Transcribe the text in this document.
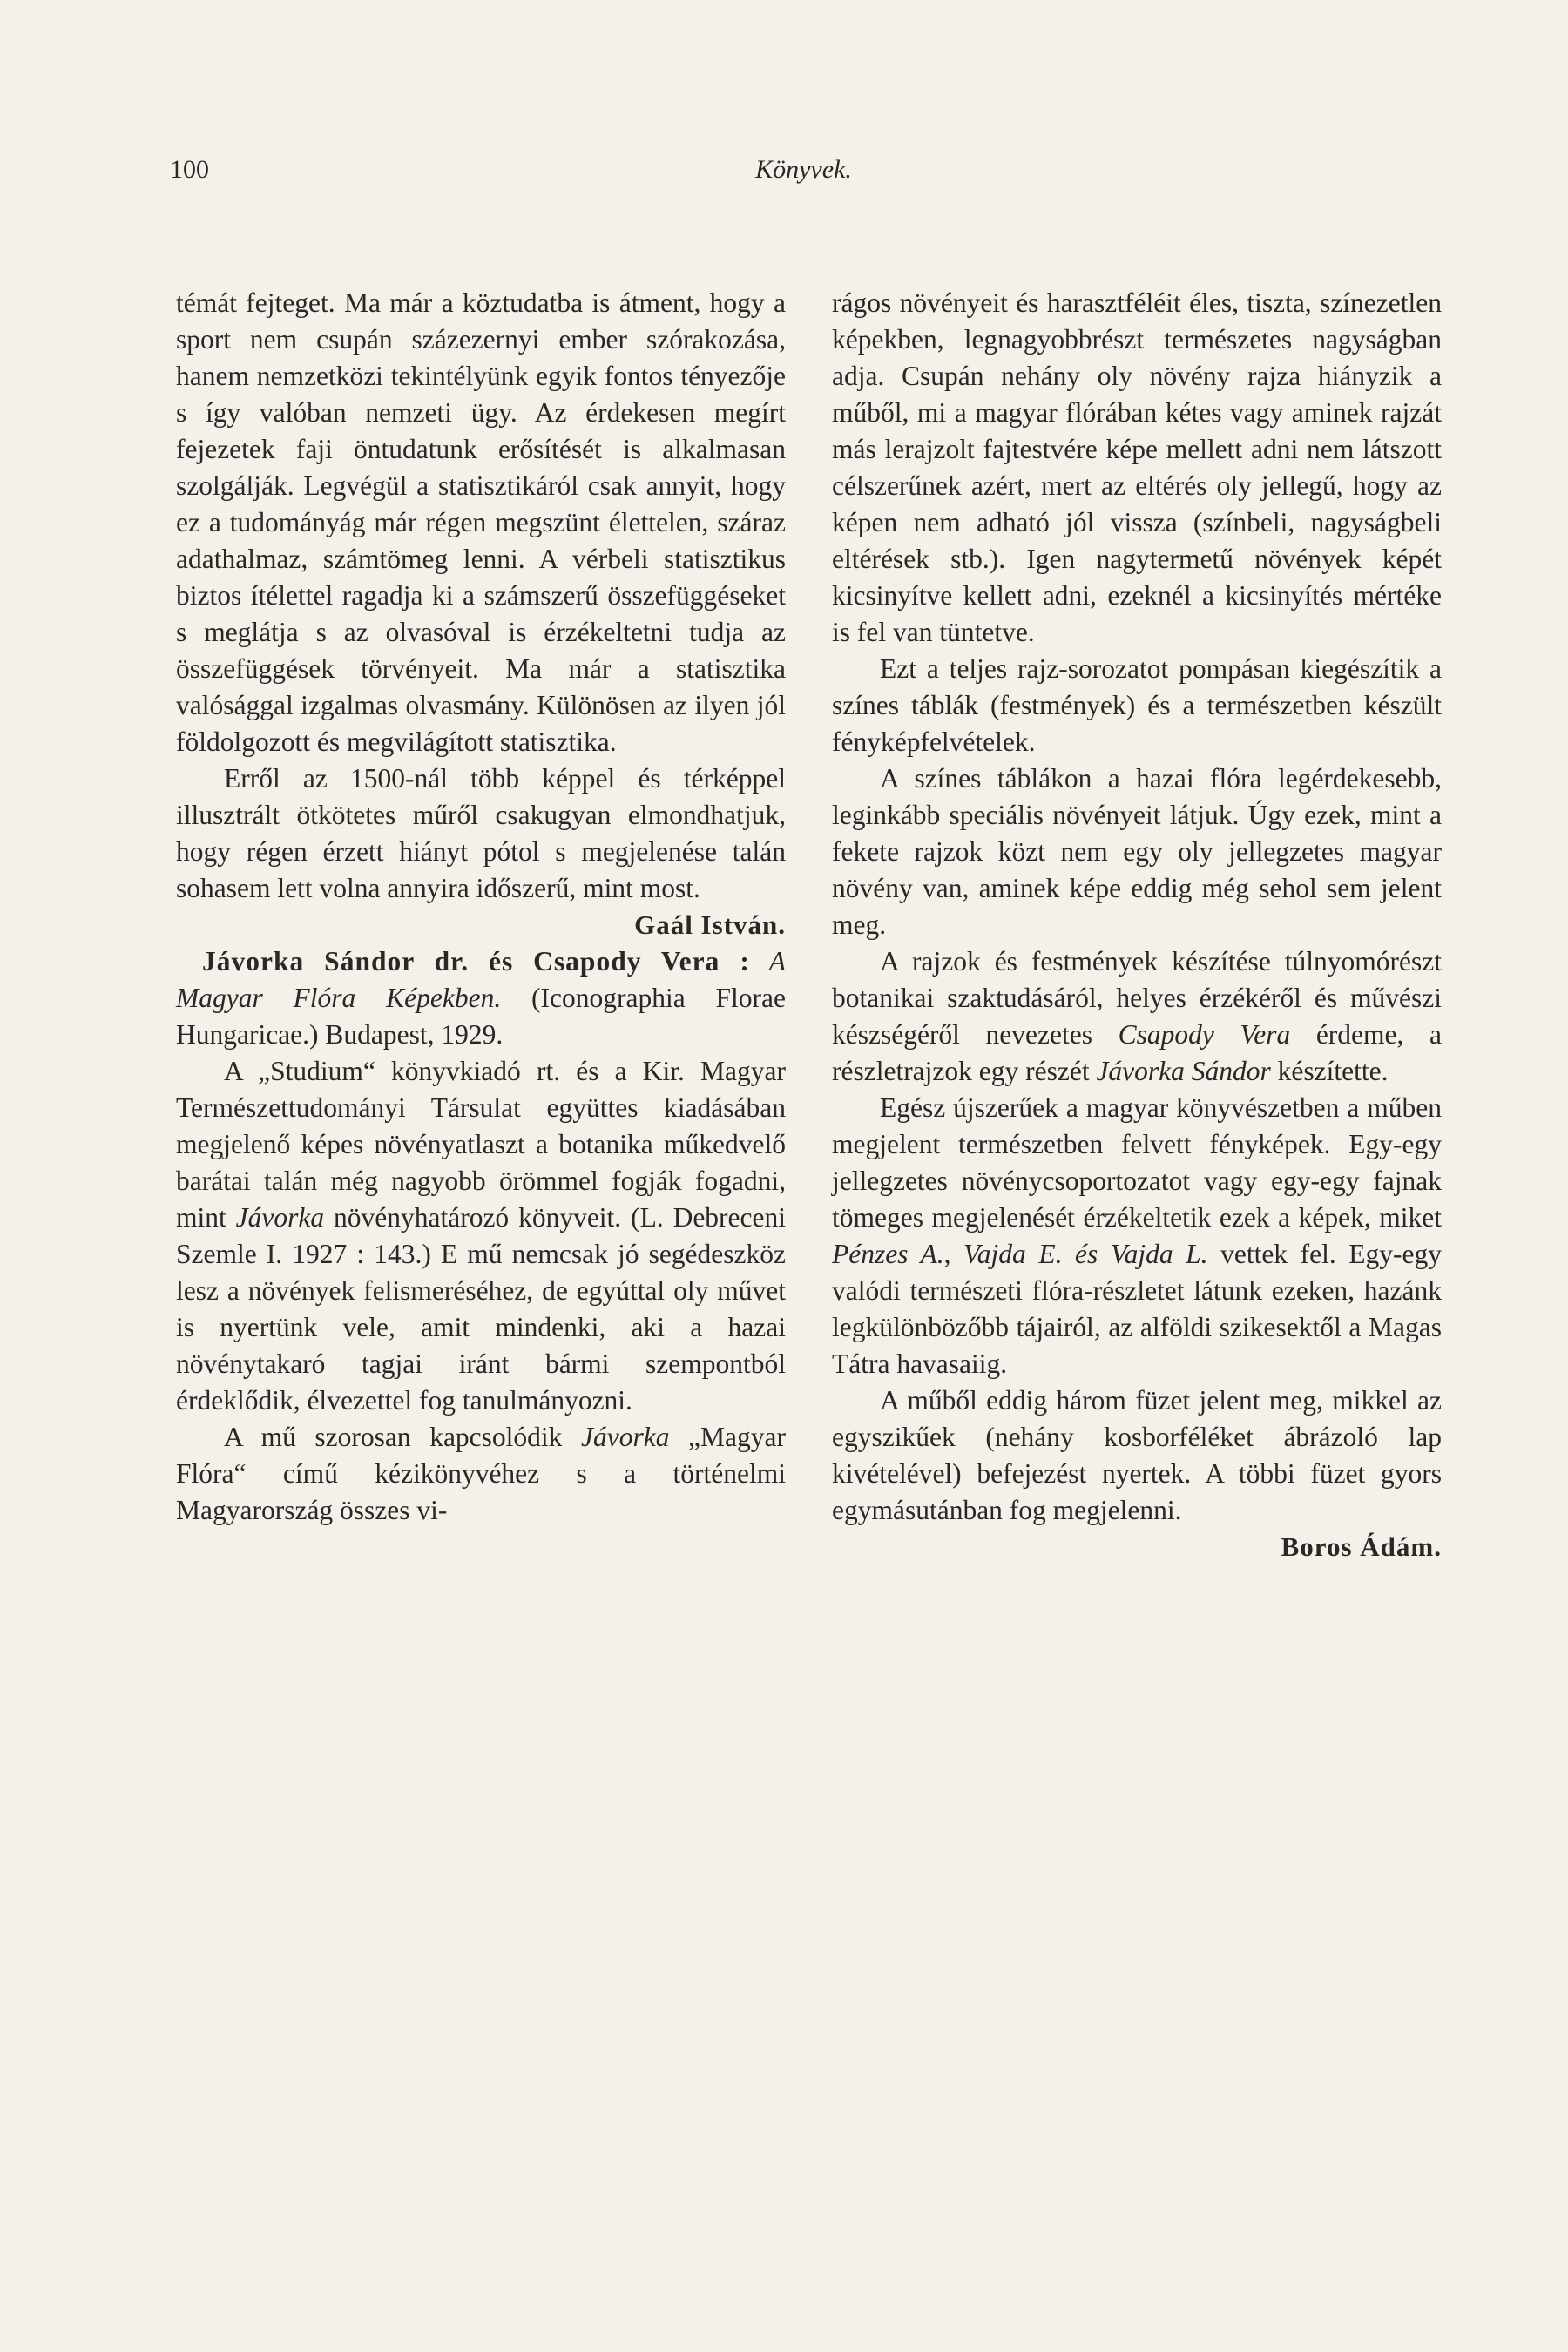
100	Könyvek.

témát fejteget. Ma már a köztudatba is átment, hogy a sport nem csupán százezernyi ember szórakozása, hanem nemzetközi tekintélyünk egyik fontos tényezője s így valóban nemzeti ügy. Az érdekesen megírt fejezetek faji öntudatunk erősítését is alkalmasan szolgálják. Legvégül a statisztikáról csak annyit, hogy ez a tudományág már régen megszünt élettelen, száraz adathalmaz, számtömeg lenni. A vérbeli statisztikus biztos ítélettel ragadja ki a számszerű összefüggéseket s meglátja s az olvasóval is érzékeltetni tudja az összefüggések törvényeit. Ma már a statisztika valósággal izgalmas olvasmány. Különösen az ilyen jól földolgozott és megvilágított statisztika.

Erről az 1500-nál több képpel és térképpel illusztrált ötkötetes műről csakugyan elmondhatjuk, hogy régen érzett hiányt pótol s megjelenése talán sohasem lett volna annyira időszerű, mint most.

Gaál István.

Jávorka Sándor dr. és Csapody Vera : A Magyar Flóra Képekben. (Iconographia Florae Hungaricae.) Budapest, 1929.

A „Studium“ könyvkiadó rt. és a Kir. Magyar Természettudományi Társulat együttes kiadásában megjelenő képes növényatlaszt a botanika műkedvelő barátai talán még nagyobb örömmel fogják fogadni, mint Jávorka növényhatározó könyveit. (L. Debreceni Szemle I. 1927 : 143.) E mű nemcsak jó segédeszköz lesz a növények felismeréséhez, de egyúttal oly művet is nyertünk vele, amit mindenki, aki a hazai növénytakaró tagjai iránt bármi szempontból érdeklődik, élvezettel fog tanulmányozni.

A mű szorosan kapcsolódik Jávorka „Magyar Flóra“ című kézikönyvéhez s a történelmi Magyarország összes vi-

rágos növényeit és harasztféléit éles, tiszta, színezetlen képekben, legnagyobbrészt természetes nagyságban adja. Csupán nehány oly növény rajza hiányzik a műből, mi a magyar flórában kétes vagy aminek rajzát más lerajzolt fajtestvére képe mellett adni nem látszott célszerűnek azért, mert az eltérés oly jellegű, hogy az képen nem adható jól vissza (színbeli, nagyságbeli eltérések stb.). Igen nagytermetű növények képét kicsinyítve kellett adni, ezeknél a kicsinyítés mértéke is fel van tüntetve.

Ezt a teljes rajz-sorozatot pompásan kiegészítik a színes táblák (festmények) és a természetben készült fényképfelvételek.

A színes táblákon a hazai flóra legérdekesebb, leginkább speciális növényeit látjuk. Úgy ezek, mint a fekete rajzok közt nem egy oly jellegzetes magyar növény van, aminek képe eddig még sehol sem jelent meg.

A rajzok és festmények készítése túlnyomórészt botanikai szaktudásáról, helyes érzékéről és művészi készségéről nevezetes Csapody Vera érdeme, a részletrajzok egy részét Jávorka Sándor készítette.

Egész újszerűek a magyar könyvészetben a műben megjelent természetben felvett fényképek. Egy-egy jellegzetes növénycsoportozatot vagy egy-egy fajnak tömeges megjelenését érzékeltetik ezek a képek, miket Pénzes A., Vajda E. és Vajda L. vettek fel. Egy-egy valódi természeti flóra-részletet látunk ezeken, hazánk legkülönbözőbb tájairól, az alföldi szikesektől a Magas Tátra havasaiig.

A műből eddig három füzet jelent meg, mikkel az egyszikűek (nehány kosborféléket ábrázoló lap kivételével) befejezést nyertek. A többi füzet gyors egymásutánban fog megjelenni.

Boros Ádám.
